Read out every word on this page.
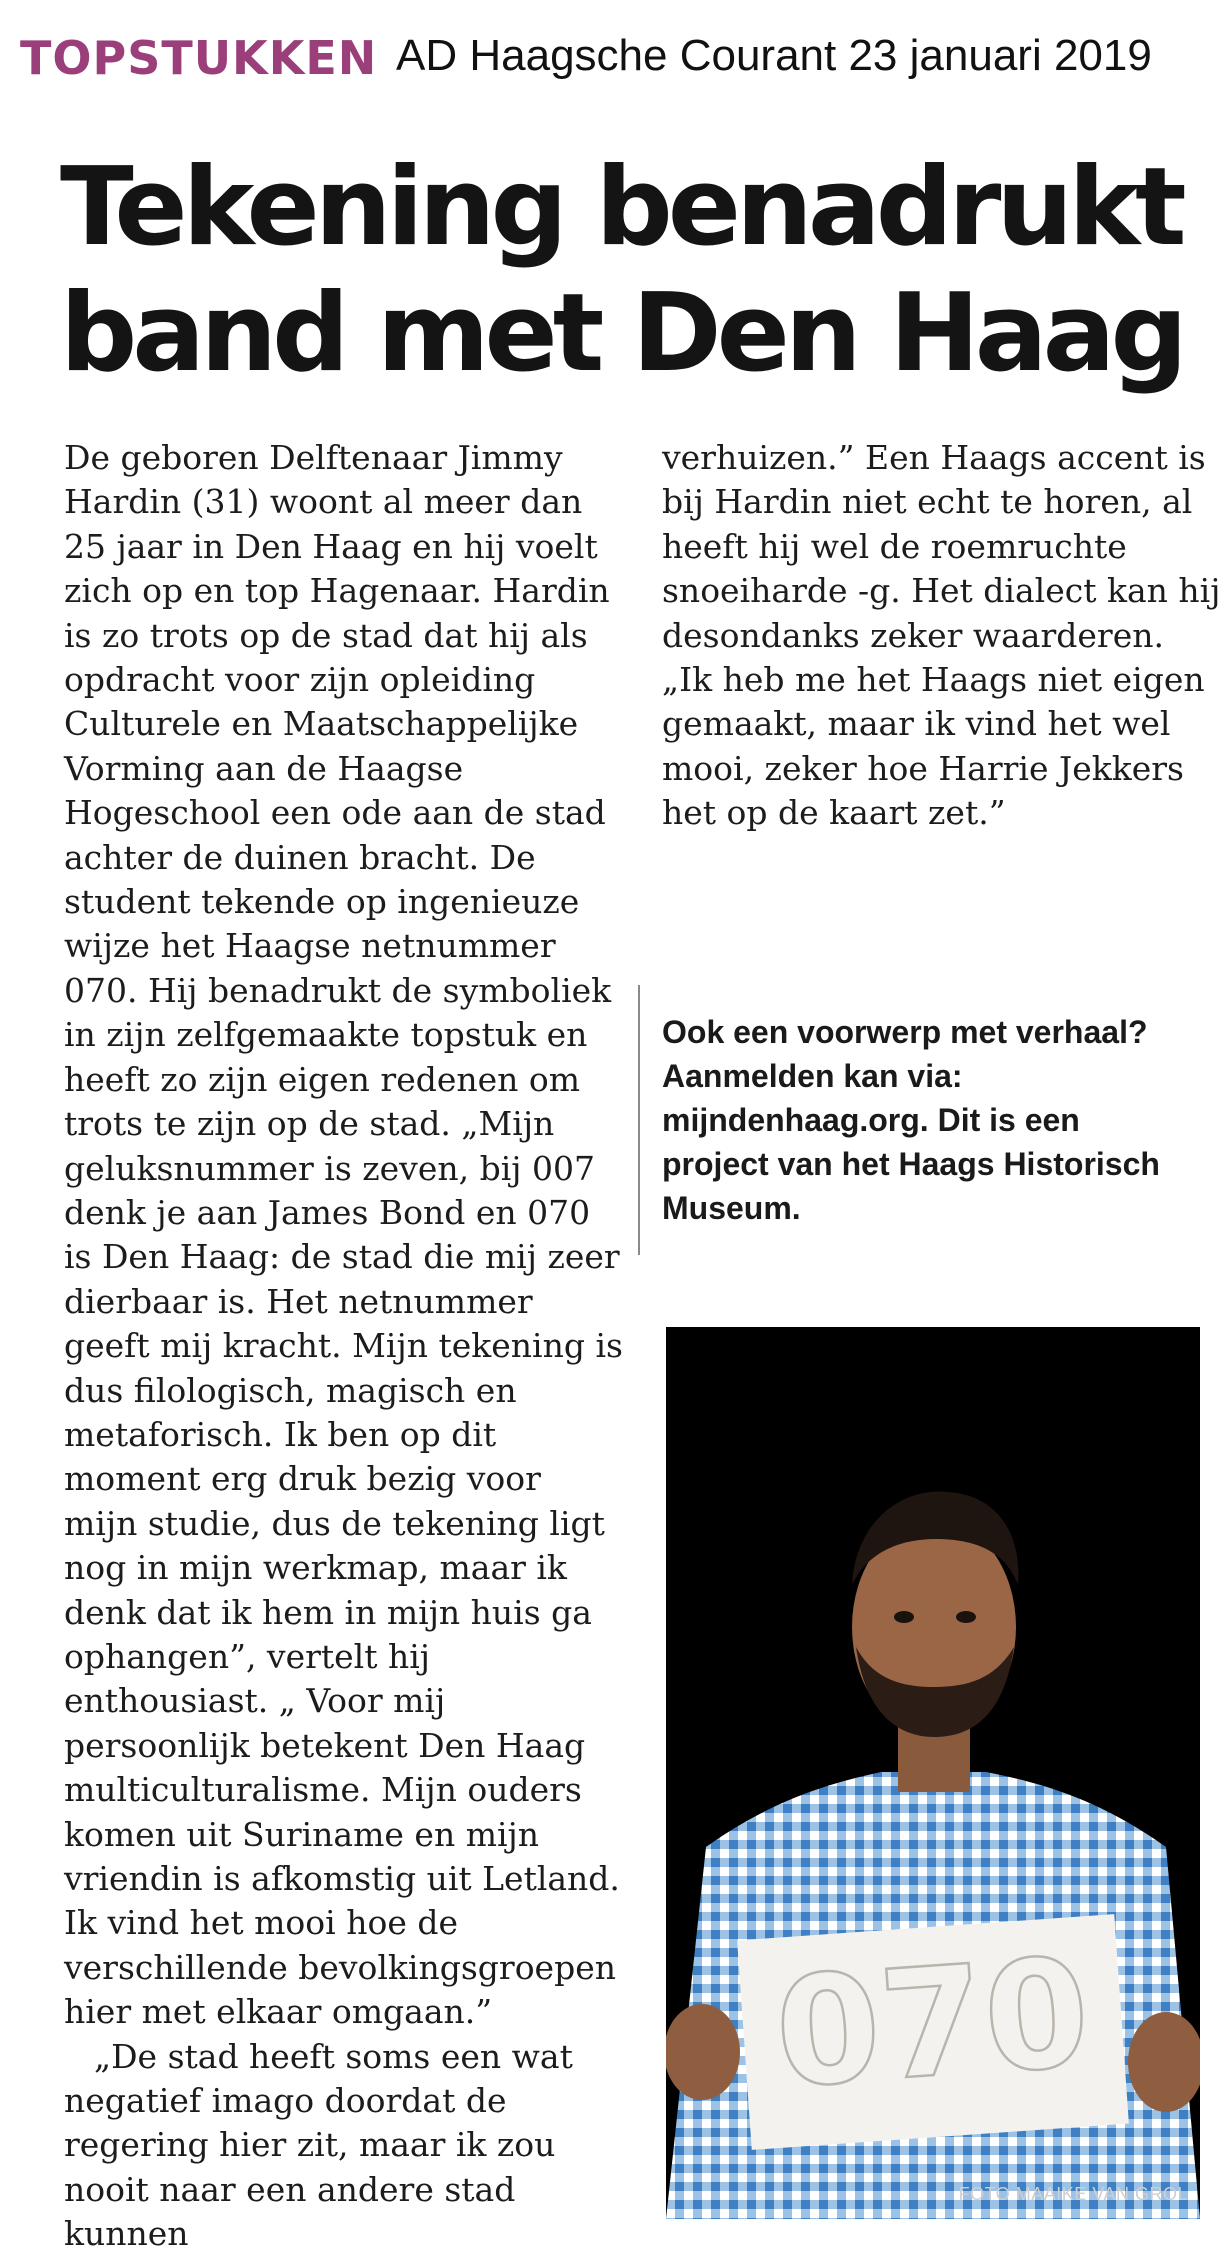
TOPSTUKKEN AD Haagsche Courant 23 januari 2019
Tekening benadrukt
band met Den Haag

De geboren Delftenaar Jimmy Hardin (31) woont al meer dan 25 jaar in Den Haag en hij voelt zich op en top Hagenaar. Hardin is zo trots op de stad dat hij als opdracht voor zijn opleiding Culturele en Maatschappelijke Vorming aan de Haagse Hogeschool een ode aan de stad achter de duinen bracht. De student tekende op ingenieuze wijze het Haagse netnummer 070. Hij benadrukt de symboliek in zijn zelfgemaakte topstuk en heeft zo zijn eigen redenen om trots te zijn op de stad. „Mijn geluksnummer is zeven, bij 007 denk je aan James Bond en 070 is Den Haag: de stad die mij zeer dierbaar is. Het netnummer geeft mij kracht. Mijn tekening is dus filologisch, magisch en metaforisch. Ik ben op dit moment erg druk bezig voor mijn studie, dus de tekening ligt nog in mijn werkmap, maar ik denk dat ik hem in mijn huis ga ophangen”, vertelt hij enthousiast. „ Voor mij persoonlijk betekent Den Haag multiculturalisme. Mijn ouders komen uit Suriname en mijn vriendin is afkomstig uit Letland. Ik vind het mooi hoe de verschillende bevolkingsgroepen hier met elkaar omgaan.”

„De stad heeft soms een wat negatief imago doordat de regering hier zit, maar ik zou nooit naar een andere stad kunnen

verhuizen.” Een Haags accent is bij Hardin niet echt te horen, al heeft hij wel de roemruchte snoeiharde -g. Het dialect kan hij desondanks zeker waarderen. „Ik heb me het Haags niet eigen gemaakt, maar ik vind het wel mooi, zeker hoe Harrie Jekkers het op de kaart zet.”

Ook een voorwerp met verhaal? Aanmelden kan via: mijndenhaag.org. Dit is een project van het Haags Historisch Museum.
070
FOTO MAAIKE VAN GROL
